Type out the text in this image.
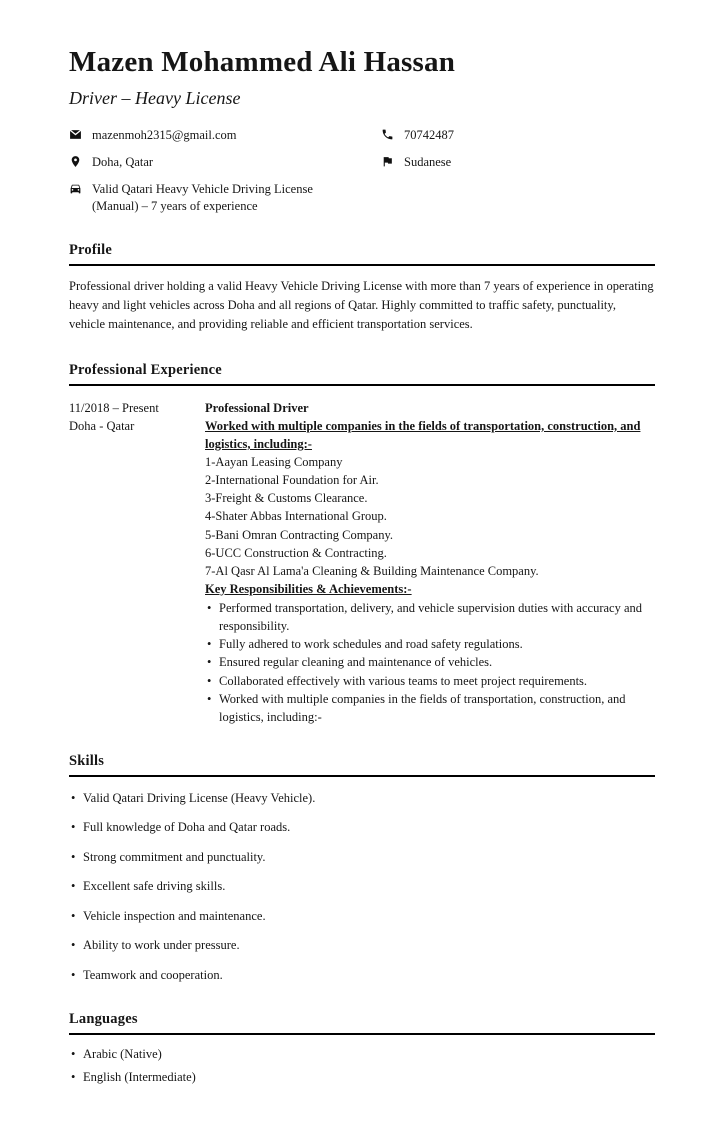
Mazen Mohammed Ali Hassan
Driver – Heavy License
mazenmoh2315@gmail.com	70742487
Doha, Qatar	Sudanese
Valid Qatari Heavy Vehicle Driving License (Manual) – 7 years of experience
Profile
Professional driver holding a valid Heavy Vehicle Driving License with more than 7 years of experience in operating heavy and light vehicles across Doha and all regions of Qatar. Highly committed to traffic safety, punctuality, vehicle maintenance, and providing reliable and efficient transportation services.
Professional Experience
11/2018 – Present
Doha - Qatar
Professional Driver
Worked with multiple companies in the fields of transportation, construction, and logistics, including:-
1-Aayan Leasing Company
2-International Foundation for Air.
3-Freight & Customs Clearance.
4-Shater Abbas International Group.
5-Bani Omran Contracting Company.
6-UCC Construction & Contracting.
7-Al Qasr Al Lama'a Cleaning & Building Maintenance Company.
Key Responsibilities & Achievements:-
• Performed transportation, delivery, and vehicle supervision duties with accuracy and responsibility.
• Fully adhered to work schedules and road safety regulations.
• Ensured regular cleaning and maintenance of vehicles.
• Collaborated effectively with various teams to meet project requirements.
• Worked with multiple companies in the fields of transportation, construction, and logistics, including:-
Skills
• Valid Qatari Driving License (Heavy Vehicle).
• Full knowledge of Doha and Qatar roads.
• Strong commitment and punctuality.
• Excellent safe driving skills.
• Vehicle inspection and maintenance.
• Ability to work under pressure.
• Teamwork and cooperation.
Languages
• Arabic (Native)
• English (Intermediate)
